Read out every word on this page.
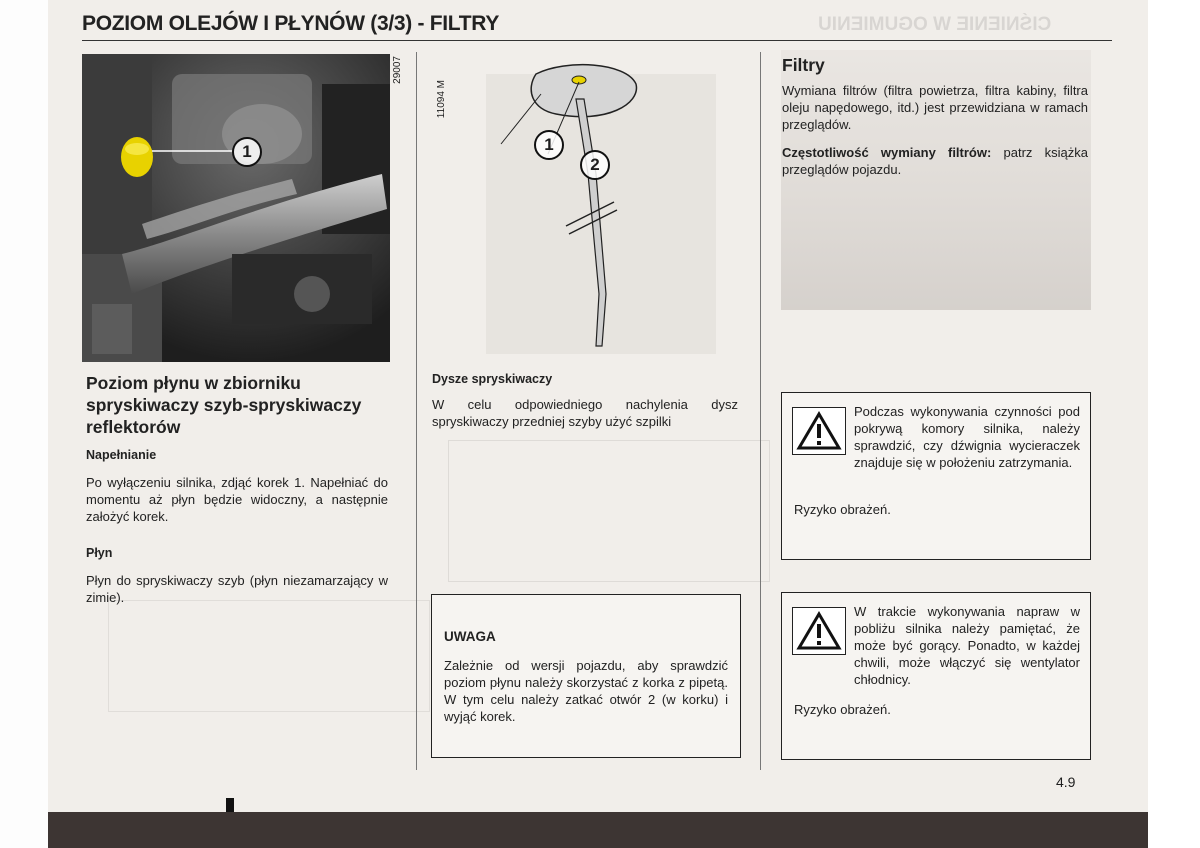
CIŚNIENIE W OGUMIENIU
POZIOM OLEJÓW I PŁYNÓW (3/3) - FILTRY
1
29007
Poziom płynu w zbiorniku spryskiwaczy szyb-spryskiwaczy reflektorów
Napełnianie
Po wyłączeniu silnika, zdjąć korek 1. Napełniać do momentu aż płyn będzie widoczny, a następnie założyć korek.
Płyn
Płyn do spryskiwaczy szyb (płyn niezamarzający w zimie).
11094 M
1
2
Dysze spryskiwaczy
W celu odpowiedniego nachylenia dysz spryskiwaczy przedniej szyby użyć szpilki
UWAGA
Zależnie od wersji pojazdu, aby sprawdzić poziom płynu należy skorzystać z korka z pipetą. W tym celu należy zatkać otwór 2 (w korku) i wyjąć korek.
Filtry
Wymiana filtrów (filtra powietrza, filtra kabiny, filtra oleju napędowego, itd.) jest przewidziana w ramach przeglądów.
Częstotliwość wymiany filtrów: patrz książka przeglądów pojazdu.
Podczas wykonywania czynności pod pokrywą komory silnika, należy sprawdzić, czy dźwignia wycieraczek znajduje się w położeniu zatrzymania.
Ryzyko obrażeń.
W trakcie wykonywania napraw w pobliżu silnika należy pamiętać, że może być gorący. Ponadto, w każdej chwili, może włączyć się wentylator chłodnicy.
Ryzyko obrażeń.
4.9
